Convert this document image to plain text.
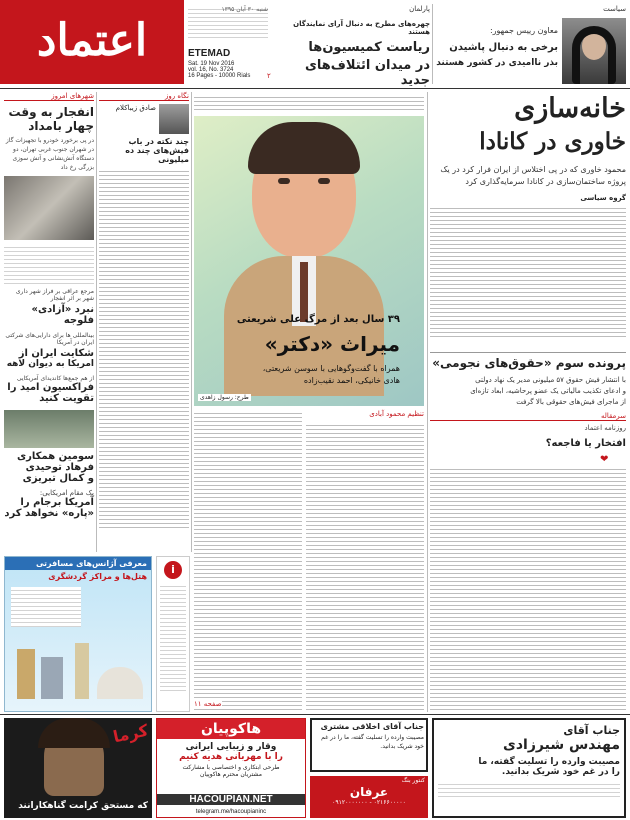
اعتماد	ETEMAD
Sat. 19 Nov 2016
vol. 16, No. 3724
16 Pages - 10000 Rials
شنبه ۳۰ آبان ۱۳۹۵	پارلمان
چهره‌های مطرح به دنبال آرای نمایندگان هستند
ریاست کمیسیون‌ها
در میدان ائتلاف‌های جدید
۲
سیاست
معاون رییس جمهور:
برخی به دنبال پاشیدن
بذر ناامیدی در کشور هستند
شهرهای امروز
انفجار به وقت
چهار بامداد
در پی برخورد خودرو با تجهیزات گاز در شهران جنوب غربی تهران، دو دستگاه آتش‌نشانی و آتش سوزی بزرگی رخ داد
مرجع عراقی بر فراز شهر داری شهر بر اثر انفجار
نبرد «آزادی» فلوجه
بینالمللی ها برای دارایی‌های شرکتی ایران در آمریکا
شکایت ایران از
امریکا به دیوان لاهه
از هم جمع‌ها کاندیدای آمریکایی
فراکسیون امید را
تقویت کنید
سومین همکاری
فرهاد توحیدی
و کمال تبریزی
یک مقام امریکایی:
آمریکا برجام را
«پاره» نخواهد کرد
نگاه روز
صادق زیباکلام
چند نکته در باب
فیش‌های چند ده میلیونی
۳۹ سال بعد از مرگ علی شریعتی
میراث «دکتر»
همراه با گفت‌وگوهایی با سوسن شریعتی،
هادی خانیکی، احمد نقیب‌زاده
طرح: رسول زاهدی
تنظیم محمود آبادی
صفحه ۱۱
خانه‌سازی
خاوری در کانادا
محمود خاوری که در پی اختلاس از ایران فرار کرد در یک پروژه ساختمان‌سازی در کانادا سرمایه‌گذاری کرد
گروه سیاسی
پرونده سوم «حقوق‌های نجومی»
با انتشار فیش حقوق ۵۷ میلیونی مدیر یک نهاد دولتی
و ادعای تکذیب مالیاتی یک عضو پرحاشیه، ابعاد تازه‌ای
از ماجرای فیش‌های حقوقی بالا گرفت
سرمقاله
روزنامه اعتماد
افتخار یا فاجعه؟
❤
معرفی آژانس‌های مسافرتی
هتل‌ها و مراکز گردشگری
i
کرما
که مستحق کرامت گناهکارانند
هاکوپیان
وقار و زیبایی ایرانی
را با مهربانی هدیه کنیم
طرحی ابتکاری و اختصاصی با مشارکت
مشتریان محترم هاکوپیان
HACOUPIAN.NET
telegram.me/hacoupianinc
جناب آقای اخلاقی مشتری
مصیبت وارده را تسلیت گفته، ما را در غم خود شریک بدانید.
کنتور بنگ
عرفان
۰۹۱۲۰۰۰۰۰۰۰ - ۰۲۱۶۶۰۰۰۰۰
جناب آقای
مهندس شیرزادی
مصیبت وارده را تسلیت گفته، ما
را در غم خود شریک بدانید.
